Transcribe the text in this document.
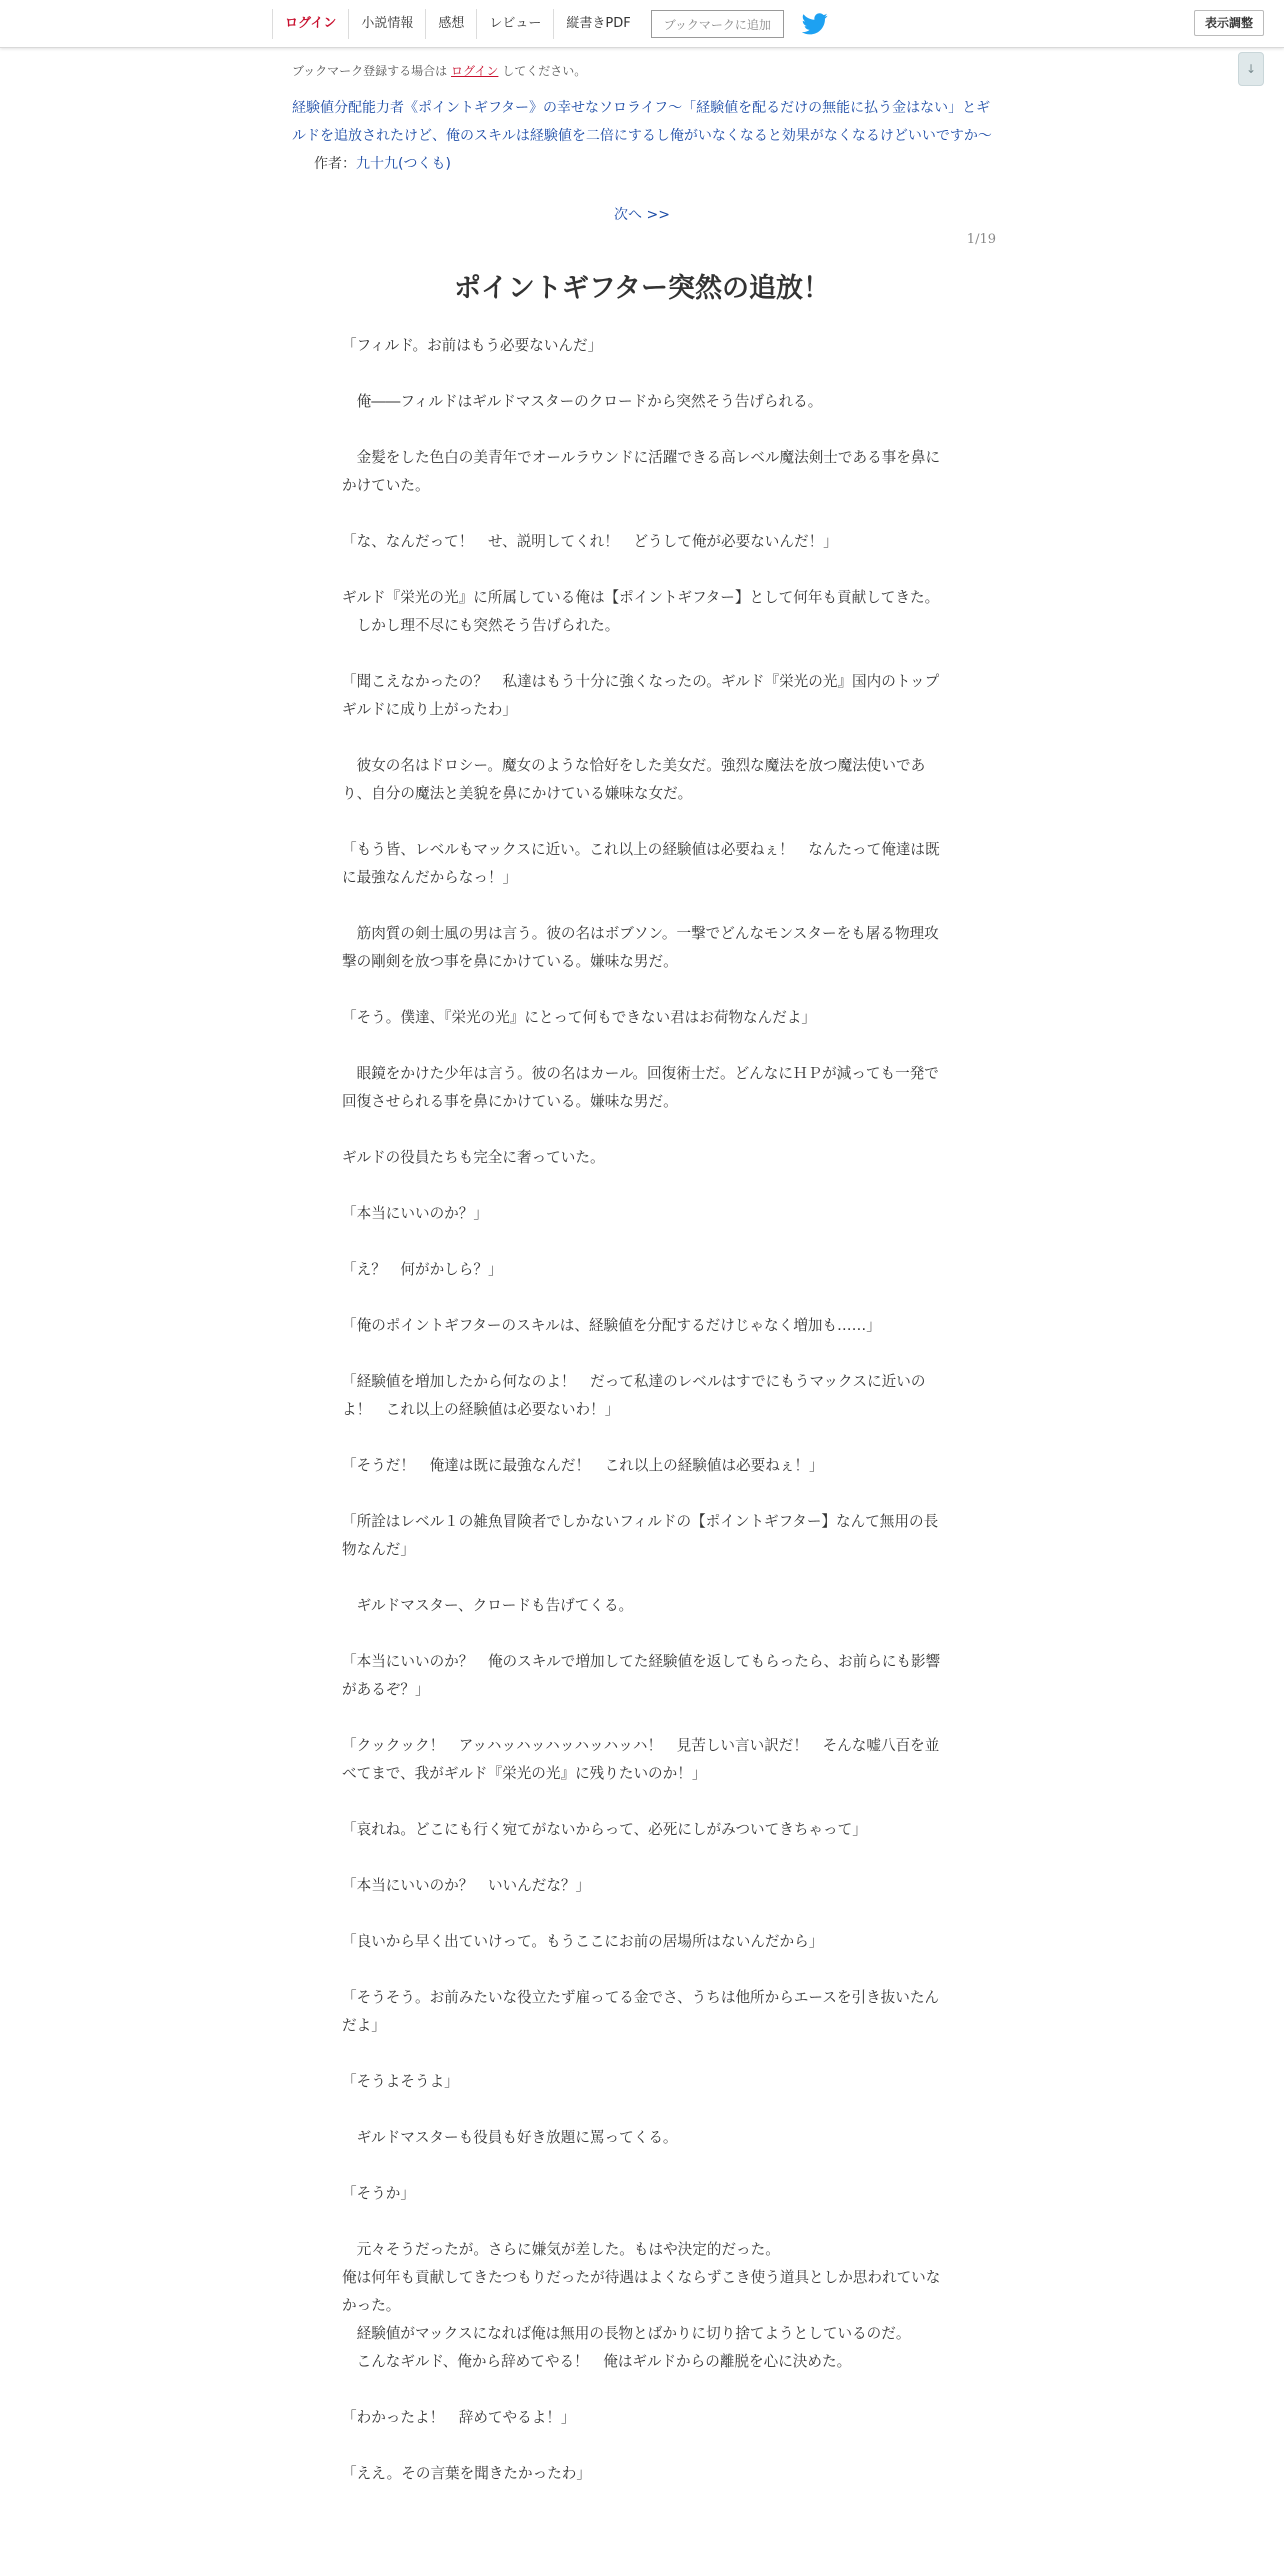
ログイン	小説情報	感想	レビュー	縦書きPDF	ブックマークに追加	表示調整
↓
ブックマーク登録する場合は ログイン してください。
経験値分配能力者《ポイントギフター》の幸せなソロライフ〜「経験値を配るだけの無能に払う金はない」とギルドを追放されたけど、俺のスキルは経験値を二倍にするし俺がいなくなると効果がなくなるけどいいですか〜作者：九十九(つくも)
次へ >>
1/19
ポイントギフター突然の追放！

「フィルド。お前はもう必要ないんだ」

　俺――フィルドはギルドマスターのクロードから突然そう告げられる。

　金髪をした色白の美青年でオールラウンドに活躍できる高レベル魔法剣士である事を鼻にかけていた。

「な、なんだって！　せ、説明してくれ！　どうして俺が必要ないんだ！」

ギルド『栄光の光』に所属している俺は【ポイントギフター】として何年も貢献してきた。
　しかし理不尽にも突然そう告げられた。

「聞こえなかったの？　私達はもう十分に強くなったの。ギルド『栄光の光』国内のトップギルドに成り上がったわ」

　彼女の名はドロシー。魔女のような恰好をした美女だ。強烈な魔法を放つ魔法使いであり、自分の魔法と美貌を鼻にかけている嫌味な女だ。

「もう皆、レベルもマックスに近い。これ以上の経験値は必要ねぇ！　なんたって俺達は既に最強なんだからなっ！」

　筋肉質の剣士風の男は言う。彼の名はボブソン。一撃でどんなモンスターをも屠る物理攻撃の剛剣を放つ事を鼻にかけている。嫌味な男だ。

「そう。僕達、『栄光の光』にとって何もできない君はお荷物なんだよ」

　眼鏡をかけた少年は言う。彼の名はカール。回復術士だ。どんなにＨＰが減っても一発で回復させられる事を鼻にかけている。嫌味な男だ。

ギルドの役員たちも完全に奢っていた。

「本当にいいのか？」

「え？　何がかしら？」

「俺のポイントギフターのスキルは、経験値を分配するだけじゃなく増加も……」

「経験値を増加したから何なのよ！　だって私達のレベルはすでにもうマックスに近いのよ！　これ以上の経験値は必要ないわ！」

「そうだ！　俺達は既に最強なんだ！　これ以上の経験値は必要ねぇ！」

「所詮はレベル１の雑魚冒険者でしかないフィルドの【ポイントギフター】なんて無用の長物なんだ」

　ギルドマスター、クロードも告げてくる。

「本当にいいのか？　俺のスキルで増加してた経験値を返してもらったら、お前らにも影響があるぞ？」

「クックック！　アッハッハッハッハッハッハ！　見苦しい言い訳だ！　そんな嘘八百を並べてまで、我がギルド『栄光の光』に残りたいのか！」

「哀れね。どこにも行く宛てがないからって、必死にしがみついてきちゃって」

「本当にいいのか？　いいんだな？」

「良いから早く出ていけって。もうここにお前の居場所はないんだから」

「そうそう。お前みたいな役立たず雇ってる金でさ、うちは他所からエースを引き抜いたんだよ」

「そうよそうよ」

　ギルドマスターも役員も好き放題に罵ってくる。

「そうか」

　元々そうだったが。さらに嫌気が差した。もはや決定的だった。
俺は何年も貢献してきたつもりだったが待遇はよくならずこき使う道具としか思われていなかった。
　経験値がマックスになれば俺は無用の長物とばかりに切り捨てようとしているのだ。
　こんなギルド、俺から辞めてやる！　俺はギルドからの離脱を心に決めた。

「わかったよ！　辞めてやるよ！」

「ええ。その言葉を聞きたかったわ」
